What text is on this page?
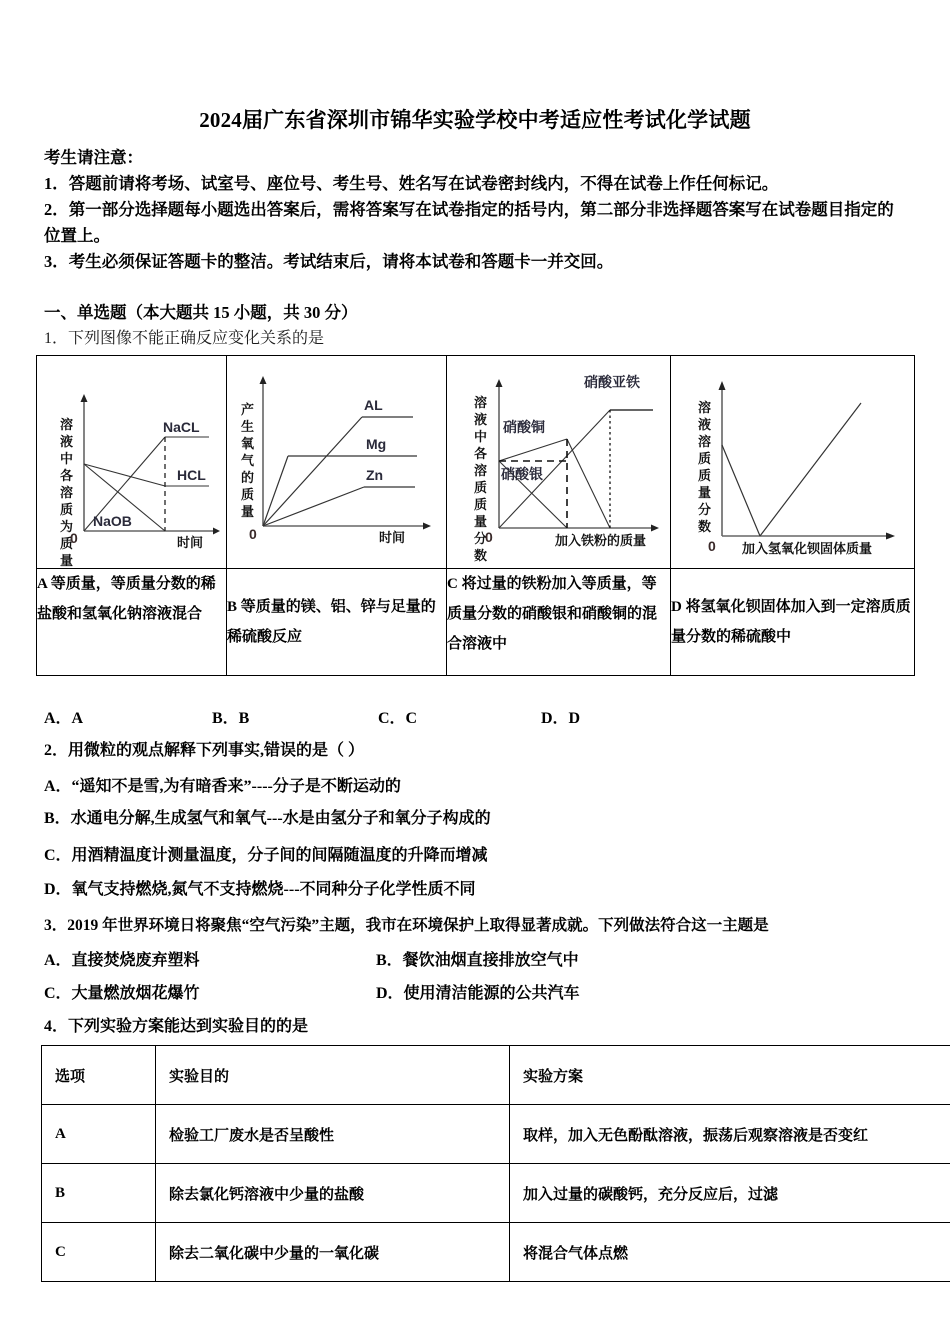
2024届广东省深圳市锦华实验学校中考适应性考试化学试题
考生请注意：
1．答题前请将考场、试室号、座位号、考生号、姓名写在试卷密封线内，不得在试卷上作任何标记。
2．第一部分选择题每小题选出答案后，需将答案写在试卷指定的括号内，第二部分非选择题答案写在试卷题目指定的位置上。
3．考生必须保证答题卡的整洁。考试结束后，请将本试卷和答题卡一并交回。
一、单选题（本大题共 15 小题，共 30 分）
1．下列图像不能正确反应变化关系的是
溶液中各溶质为质量
NaCL
HCL
NaOB
0	时间

产生氧气的质量
AL
Mg
Zn
0	时间

溶液中各溶质质量分数
硝酸铜
硝酸银
硝酸亚铁
0	加入铁粉的质量

溶液溶质质量分数
0 加入氢氧化钡固体质量

A 等质量，等质量分数的稀盐酸和氢氧化钠溶液混合	B 等质量的镁、铝、锌与足量的稀硫酸反应	C 将过量的铁粉加入等质量，等质量分数的硝酸银和硝酸铜的混合溶液中	D 将氢氧化钡固体加入到一定溶质质量分数的稀硫酸中
A．A	B．B	C．C	D．D
2．用微粒的观点解释下列事实,错误的是（ ）
A．“遥知不是雪,为有暗香来”----分子是不断运动的
B．水通电分解,生成氢气和氧气---水是由氢分子和氧分子构成的
C．用酒精温度计测量温度，分子间的间隔随温度的升降而增减
D．氧气支持燃烧,氮气不支持燃烧---不同种分子化学性质不同
3．2019 年世界环境日将聚焦“空气污染”主题，我市在环境保护上取得显著成就。下列做法符合这一主题是
A．直接焚烧废弃塑料	B．餐饮油烟直接排放空气中
C．大量燃放烟花爆竹	D．使用清洁能源的公共汽车
4．下列实验方案能达到实验目的的是
选项	实验目的	实验方案
A	检验工厂废水是否呈酸性	取样，加入无色酚酞溶液，振荡后观察溶液是否变红
B	除去氯化钙溶液中少量的盐酸	加入过量的碳酸钙，充分反应后，过滤
C	除去二氧化碳中少量的一氧化碳	将混合气体点燃
